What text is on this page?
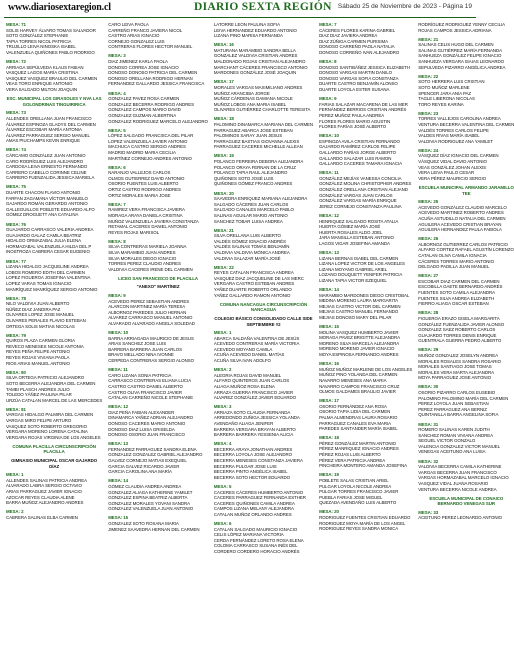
www.diariosextaregion.cl	DIARIO SEXTA REGIÓN Sábado 25 de Noviembre de 2023 - Página 19
MESA: 71
SOLIS HARVEY ÁLVARO TOMAS SALVADOR
SOTO GONZÁLEZ STEPHANIE
TAPIA TORRES NICOL PATRICIA
TRUJILLO LEIVA NINOSKA ISABEL
VALENZUELA QUIÑONES PABLO RODRIGO
MESA: 72
ARRIAGA SEPÚLVEDA KLAUS FABIAN
VASQUEZ LAGOS MARÍA CRISTINA
VASQUEZ VASQUEZ BRAULIO DEL CARMEN
VEAS TORO ENRIQUE ANTONIO
VERA SALGADO MILTON JOAQUIN
ESC. MUNICIPAL LOS GIRASOLES Y NVA LAS GOLONDRINAS TINGUIRIRICA
MESA: 73
ALLENDES ORELLANA JUAN FRANCISCO
ÁLVAREZ ESPINOZA GLADYS DEL CARMEN
ÁLVAREZ ESCOBAR MARÍA ANTONIA
ÁLVAREZ PARRAGUEZ SERGIO MANUEL
AMAS PIUCHAMPS KEVIN ENRIQUE
MESA: 74
CÁRCAMO GONZÁLEZ JUAN ANTONIO
CARO RODRÍGUEZ LUIS ALEJANDRO
CARDOSA LEIVA ERNESTO FERNANDO
CARRERO CABELLO CORINNE CELINE
CARRERO FUENZALIDA JESSICA MARIELA
MESA: 75
DUARTE CHACON FLAVIO ANTONIO
FARFAN ZAGAMANA VÍCTOR MANUELO
GAJARDO ROMÁN GERARDO ANTONIO
GALLEGUILLOS POBLETE EDUARDO ALFO
GÓMEZ DROGUETT ANA CATALINA
MESA: 76
GUAJARDO CARRASCO VALERIA ANDREA
GUAJARDO GALAZ CAMILA BEATRIZ
HIDALGO ORMAZABAL JULIA ELENA
HORMAZABAL VALENZUELA HILDA DEL P
INOSTROZA CABRERA CESAR EUGENIO
MESA: 77
LIZANA HIDALGO JACQUELINE ANDREA
LOBOS ROMERO EDITH DEL CARMEN
LOPEZ FIGUEROA JOSEFINA VALENTINA
LOPEZ VARAS TOMAS IGNACIO
MANRÍQUEZ MANRÍQUEZ SERGIO ANTONIO
MESA: 78
NILO VALDIVIA JUAN ALBERTO
NÚÑEZ DIAZ JANDIRA PAZ
OLIVARES LOPEZ JOSE MANUEL
OLIVARES PERALES FLAVIO ESTEBAN
ORTEGA SOLIS MATIAS NICOLAS
MESA: 79
QUIROS PLAZA CARMEN GLORIA
REVECO MENESES NICOLE ANTONIA
REYES PEÑA FELIPE ANTONIO
REYES ROJAS VIVIANA PAOLA
RIOS ARIAS MANUEL ANTONIO
MESA: 80
SILVA ORTEGA PATRICIO ALEJANDRO
SOTO BECERRA ALEJANDRA DEL CARMEN
TAMBI PLASCH ANDRES JULIO
TOLEDO YÁÑEZ PAULINA PILAR
URZÚA CATALAN MARCEL DE LAS MERCEDES
MESA: 81
VARGAS HIDALGO PALMIRA DEL CARMEN
VARGAS MIRO FELIPE ARTURO
VASQUEZ SOTO ROBERTO GREGORIO
VERGARA MORENO LORENA CATALINA
VERGARA ROJAS VIRGINIA DE LOS ANGELES
COMUNA PLACILLA CIRCUNSCRIPCIÓN PLACILLA
GIMNASIO MUNICIPAL OSCAR GAJARDO DÍAZ
MESA: 1
ALLENDES SALINAS PATRICIA ANDREA
ALVARADO LABRA SERGIO OCTAVIO
ARIAS PARRAGUEZ JAVIER IGNACIO
AZOCAR REYES CLAUDIA ALENE
BARRA MUÑOZ ALEJANDRO ANDRES
MESA: 2
CABRERA SALINAS ELBA CARMEN
CARO LEIVA PAOLA
CARREÑO FRANCO JAVIERA NICOL
CASTRO ARIAS IGNACIO
CORNEJO GONZALEZ LUIS
CONTRERAS FLORES HECTOR MANUEL
MESA: 3
DIAZ JIMENEZ KARLA PAOLA
DONOSO CORREA JOSE IGNACIO
DONOSO DONOSO PATRICIA DEL CARMEN
DONOSO ORELLANA RODRIGO HERNAN
FERNANDEZ GALLARDO JESSICA FRANCISCA
MESA: 4
GONZALEZ PAVEZ ROSA CARMEN
GONZALEZ BECERRA RODRIGO ANDRES
GONZALEZ CAMPOS MARIO DAVID
GONZALEZ GUZMAN ALBERTINA
GONZALEZ RODRIGUEZ MARCELO ALEJANDRO
MESA: 5
LÓPEZ SALGADO FRANCISCA DEL PILAR
LOPEZ VALENZUELA JAVIER ANTONIO
MACHUCA CASTRO SERGIO ANDRES
MADRID MADRID MARIA CECILIA
MARTÍNEZ CORNEJO ANDRES ANTONIO
MESA: 6
NARANJO VALLEJOS CARLOS
OLMOS GUTIERREZ DAVID ANTONIO
OSORIO FUENTES LUIS ALBERTO
ORTIZ CASTRO RODRIGO ANDRES
ORTIZ MORALES MARIA JOSE
MESA: 7
RAMIREZ VERA FRANCISCA JAVIERA
MORAGA ARAYA DANIELA CRISTINA
MUÑOZ VALENZUELA JAVIERA CONSTANZA
RETAMAL CACERES DANIEL ANTONIO
REYES ROJAS MARISOL
MESA: 8
SILVA CONTRERAS MARIELA JOANNA
SILVA MARAMBIO JUAN ANDRES
SILVA MORALES DIEGO IGNACIO
TORRES PEREZ CLAUDIO ANDRES
VALDIVIA CACERES IRENE DEL CARMEN
LICEO SAN FRANCISCO DE PLACILLA
"ANEXO" MARTÍNEZ
MESA: 9
ACEVEDO PEREZ SEBASTIAN ANDRES
ALARCON MARTINEZ MARÍA TERESA
ALBORNOZ PAREDES JULIO HERNAN
ALVAREZ CARRASCO MANUEL ANTONIO
ALVARADO ALVARADO ANGELA SOLEDAD
MESA: 10
BARRA ARRIAGADA MAURICIO DE JESUS
ARIAS SANCHEZ JOSE LUIS
BARRERA BARRERA JUAN CARLOS
BRAVO MELLADO NINA IVONNE
CERPEDA CONTRERAS SERGIO ALONSO
MESA: 11
CARO LIZANA SONIA PATRICIA
CARRASCO CONTRERAS ELIANA LUCIA
CASTRO CASTRO DANIEL ALBERTO
CASTRO OLIVA FRANCISCO JAVIER
CATALAN CARREÑO NICOLE STEPHANIE
MESA: 12
DIAZ PEÑA FABIAN ALEXANDER
DINAMARCA YAÑEZ ADRIAN ALEJANDRO
DONOSO CACERES MARIO ANTONIO
DONOSO DIAZ LUISA GRISELDA
DONOSO OSORIO JUAN FRANCISCO
MESA: 13
FERNANDEZ PARRAGUEZ SANDRA ELENA
GONZALEZ GONZALEZ GABRIEL ALEJANDRO
GALVEZ CORNEJO MATIAS EXEQUIEL
GARCIA GALVEZ RICARDO JAVIER
GARCIA CAROLINA ANA MARÍA
MESA: 14
GÓMEZ CLAUDIA ANDREA ANDREA
GONZALEZ ALIAGA KATHERINE YAMILET
GONZALEZ ESPINA BEATRIZ ALBERTA
GONZALEZ MORALES YOVANI SANDRA
GONZALEZ VALENZUELA JUAN ANTONIO
MESA: 15
GONZALEZ SOTO ROXANA MARIA
JIMENEZ SAAVEDRA HERNAN DEL CARMEN
LATORRE LEON PAULINA SOFIA
LEIVA HERNANDEZ EDUARDO ANTONIO
LIZANA PINO MARISA FERNANDA
MESA: 16
MATURANA MARAMBIO SANDRA BELLA
GONZALEZ VALDIVIA CRISTIAN ANDRES
MALDONADO ROJAS CRISTIAN ALEJANDRO
MARCHANT CÁCERES FRANCISCO ANTONIO
MARDONES GONZÁLEZ JOSÉ JOAQUIN
MESA: 17
MORALES VARGAS MAXIMILIANO ANDRES
MUÑOZ ARANCIBIA JORGE
MUÑOZ CÁRDENAS DAMIANA NICOLE
MUÑOZ LOBOS ANA MARIA ISABEL
OLIVARES GUTIÉRREZ CHARLOTTE TERESITA
MESA: 18
PALOMINO DINAMARCA MARIANA DEL CARMEN
PARRAGUEZ ABARCA JOSE ESTEBAN
PALOMINOS SARAY JUAN JESUS
PARRAGUEZ BASTIAS GIOVANNA ALEXIS
PARRAGUEZ CACERES MICHELLE ALLEAN
MESA: 19
POLANCO FERREIRA DEBORA ALEJANDRA
POLANCO ORAYA FERNAN DE LA CRUZ
POLANCO TAPIA RAUL ALEJANDRO
QUIÑONES SOTO JOSÉ LUIS
QUIÑONES GÓMEZ FRANCO ANDRES
MESA: 20
SAAVEDRA ENRIQUEZ MARIANA ALEJANDRA
SALGADO CÁCERES JUAN CARLOS
SALGADO CANALES MARCELO PABLO
SALINAS AGUILAR MARIO ANTONIO
SANCHEZ TOBAR LUISA ANDREA
MESA: 21
SILVA ORELLANA LUIS ALBERTO
VALDÉS GÓMEZ IGNACIO ANDRÉS
VALDÉS SALINAS TOMÁS BENJAMÍN
VALDIVIA VALDIVIA MÓNICA ANDREA
VALDIVIA SALAZAR MARÍA JOSÉ
MESA: 22
REYES CATALAN FRANCISCA ANDREA
VASQUEZ DIAZ JACQUELINE DE LAS MERC
VERGARA CASTRO ESTEBAN ANDRES
YAÑEZ DUARTE ROBERTO ORLANDO
YAÑEZ GALLARDO RAMON ANTONIO
COMUNA NANCAGUA CIRCUNSCRIPCIÓN NANCAGUA
COLEGIO BÁSICO CONSOLIDADO CALLE SIDE SEPTIEMBRE #2
MESA: 1
ABARCA SALDAÑA VALENTINA DE JESÚS
ACEVEDO CONTRERAS MARÍA VICTORIA
ACEVEDO MOYANO CAMILA
ACUÑA ACEVEDO DANIEL MATÍAS
ACUÑA SILVA IVAN ADOLFO
MESA: 2
ALEGRIA ROJAS DAVID MANUEL
ALFARO QUINTEROS JUAN CARLOS
ALIAGA MUÑOZ ROSA ELENA
ARRAZA GUERRA FRANCISCO JAVIER
ALVAREZ GONZÁLEZ JAVIER EDUARDO
MESA: 3
ARRIAZA SOTO CLAUDIA FERNANDA
ARREDONDO ZUÑIGA JESSICA YOLANDA
AVENDAÑO ALIAGA JENIFER
BARRERA VERGARA BRAYAN ALBERTO
BARRERA BARRERA YESSENIA ALICIA
MESA: 4
BECERRA ARAYA JONATHAN ANDRES
BECERRA LOYOLA JOSE ALEJANDRO
BECERRA MENESES CONSTANZA JAVIERA
BECERRA PULGAR JOSE LUIS
BECERRA PINTO ANGÉLICA ISABEL
BECERRA SOTO HECTOR EDUARDO
MESA: 5
CACERES CÁCERES HUMBERTO ANTONIO
CACERES PARRAGUEZ FERNANDA ESTHER
CACERES QUIÑONES CAMILA ANDREA
CAMPOS LIZANA MELANY ALEJANDRA
CATALAN MUÑOZ ORLANDO ANDRES
MESA: 6
CATALAN SALGADO MAURICIO IGNACIO
CELIS LÓPEZ MARIANA VICTORIA
CERDA FERNÁNDEZ LORETO ROSA ELENA
COLOMA CARRASCO SUSANA INÉS DEL
CORDERO CORDERO HORACIO ANDRÉS
MESA: 7
CÁCERES FLORES KARINA GABRIEL
DIAZ DIAZ JAVIERA ANDREA
DIAZ ZÚÑIGA CARMEN PURISIMA
DONOSO CARREÑO PAOLA NATALIA
DONOSO CORREÑO IVAN ALEJANDRO
MESA: 8
DONOSO SANTIBÁÑEZ JESSICA ELIZABETH
DONOSO VARGAS MARTIN DANILO
DONOSO VARGAS SOFIA CONSTANZA
DUARTE CASTRO BENJAMÍN ALONSO
DUARTE LOYOLA ESTER SUSANA
MESA: 9
FARIAS SALAZAR MACARENA DE LAS MER
FERNÁNDEZ BERRIOS CRISTIAN ANDRÉS
PEREZ MUÑOZ PAULA ANDREA
FLORES FLORES MARIO AGUSTIN
FLORES FARÍAS JOSÉ ALBERTO
MESA: 10
ESPINOZA AVILA CRISTIAN FERNANDO
GAJARDO RAMÍREZ CARLOS FELIPE
GALLARDO FARÍAS JORGE ALBERTO
GALLARDO SALAZAR LUIS RAMON
GALLARDO CACERES TAMARA IGNACIA
MESA: 11
GONZÁLEZ MEJÍAS VANESSA CONCILIA
GONZÁLEZ MOLINA CHRISTOPHER ANDRES
GONZÁLEZ ORELLANA CRISTIAN ALEJAND
GONZÁLEZ VARGAS JUAN CARLOS
GONZÁLEZ VARGAS MARÍA ENRIQUE
JEREZ CORNEJO CONSTANZA PAULINA
MESA: 12
HENRIQUEZ SALGADO ROSITA ATALIA
HUERTA GÓMEZ MARÍA JOSÉ
HUERTA ROSALES ALDO JOEL
JARA MANSILLA ESTEBAN ANTONIO
LAGOS VIGAR JOSEFINA AMANDA
MESA: 13
LIZANA BERNAS ISABEL DEL CARMEN
LIZANA LOPEZ VICTOR DE LOS ANGELES
LIZANA MOYANO GABRIEL ARIEL
LOZANO DOUQUETT YENIFER PATRICIA
LIZANA TAPIA VICTOR EZEQUIEL
MESA: 14
MARAMBIO MARDONES DIEGO CRISTOBAL
MEDINA MORENO LAURA MARGARITA
MEJIAS CASTRO VICTOR DEL CARMEN
MEJIAS CASTRO MANUEL FERNANDO
MEJIAS DONOSO MARY DEL PILAR
MESA: 15
MOLINA VASQUEZ HUMBERTO JAVIER
MORAGA PAVEZ BRIGITTE ALEJANDRA
MORENO SILVA MARCELA ALEJANDRA
MORENO MORENO JAVIER IGNACIO
MOYA ESPINOSA FERNANDO ANDRES
MESA: 16
MUÑOZ MUÑOZ MARLENE DE LOS ANGELES
MUÑOZ PINO YOLANDA DEL CARMEN
NAVARRO MENESES ANA MARIA
NAVARRO CAMPOS FRANCISCO CRUZ
OLMOS GALDAMES BRAULIO JAVIER
MESA: 17
OSORIO FERNÁNDEZ ANA ROSA
OSORIO TAPIA LIDIA DEL CARMEN
PALMA ALMENDRAS LAURA ROSARIO
PARRAGUEZ CANALES EVA MARIA
PAREDES SANTANDER MARÍA ISABEL
MESA: 18
PÉREZ GONZÁLEZ MARTIN ANTONIO
PÉREZ MANRIQUEZ IGNACIO ANDRES
PÉREZ ROJAS LUIS ALBERTO
PÉREZ VERA PATRICIA ANDREA
PINCHEIRA MONTERO AMANDA JOSEFINA
MESA: 19
POBLETE SALAS CRISTIAN ARIEL
PULGAR LOYOLA NICOLE ANDREA
PULGAR TORRES FRANCISCO JAVIER
PUEBLA FARIAS JOSE MIGUEL
QUEZADA AVENDAÑO LUIS ALBERTO
MESA: 20
RODRIGUEZ FUENTES CRISTIAN EDUARDO
RODRIGUEZ MOYA MARÍA DE LOS ANGEL
RODRIGUEZ REYES SANDRA MONICA
RODRÍGUEZ RODRIGUEZ YENNY CECILIA
ROJAS CAMPOS JESSICA ADRIANA
MESA: 21
SALINAS CELIS HUGO DEL CARMEN
SALINAS GUTIÉRREZ MARÍA FERNANDA
SANHUEZA GONZÁLEZ FELIPE IGNACIO
SANHUEZA VERGARA ISAIAS LEONARDO
SEPULVEDA PIZARRO ANGÉLICA ANDREA
MESA: 22
SOTO HERRERA LUIS CRISTIAN
SOTO MUÑOZ MARLENE
SPENCER JARA ANIA PAZ
TAGLE LIBERONA NICOLAS
TORO REYES KARINA
MESA: 23
TORRES VALLEJOS CAROLINA ANDREA
VENTURA BECERRA VALENTINA DEL CARMEN
VALDÉS TORRES CARLOS FELIPE
VALDES RIVAS MARÍA ISABEL
VALDIVIA RODRIGUEZ ANA YAMILET
MESA: 24
VÁSQUEZ DÍAZ IGNACIO DEL CARMEN
VÁSQUEZ VIDAL DAVID ANTONIO
VEAS GONZÁLEZ JOHAN ALEXIS
VERA LEIVA PAULO CESAR
VERA PÉREZ MAURICIO SERGIO
ESCUELA MUNICIPAL ARMANDO JARAMILLO TEE
MESA: 25
ACEVEDO GONZÁLEZ CLAUDIO MARCELO
ACEVEDO MARTINEZ ROBERTO ANDRES
ACUÑA ASTUDILLO NATALIA DEL CARMEN
AGUILERA ACEVEDO CRISTIAN BRAYAN
AGUILERA HERNANDEZ PAULA FABIOLA
MESA: 26
ALBORNOZ GUTIERREZ CARLOS PATRICIO
ALFARO CORTEZ RAFAEL AGUSTÍN LORENZO
CATALAN OLIVA CAMILA IGNACIA
CÁCERES TORRES MARIO ANTONIO
DELGADO PADILLA JUAN MANUEL
MESA: 27
ESCOBAR DIAZ CARMEN DEL CARMEN
ESCOBILLA GAETE BERNARDO ANDRÉS
FUENTES SOTO CAMILA ALEJANDRA
FUENTES SILVA ANDREA ELIZABETH
FIERRO ALIAGA OSCAR ESTEBAN
MESA: 28
FIGUEROA ERAZO GISELA MARGARITA
GONZÁLEZ FUENZALIDA JAVIER ALONSO
GONZALEZ SAEZ ROBERTO CARLOS
GUAJARDO TORRES DENIS ENRIQUE
GUENTRALA GUERRA PEDRO ALBERTO
MESA: 29
MUÑOZ GONZALEZ JOSELYN ANDREA
MORALES ROSALES SANDRA ROSARIO
MORALES SANTIAGO JOSE TOMAS
MORALES VERA MARTA ALEJANDRA
MOYA PARRAGUEZ JOSE ANTONIO
MESA: 30
OSORIO PIZARRO CARLOS EUSEBIO
PALOMINO PALOMINO MARÍA DEL CARMEN
PEREZ LOYOLA JUAN SEBASTIAN
PEREZ PARRAGUEZ ANA BERNIZ
QUINTANILLA BARRA ANGELINA SOFIA
MESA: 31
ROMERO SALINAS KAREN JUDITH
SANCHEZ ROMAN VIVIANA ANDREA
SEGUEL VICTOR GONZALO
VALENCIA GONZALEZ VICTOR MANUEL
VENEGAS ACEITUNO ANA LUISA
MESA: 32
VALDIVIA BECERRA CAMILA KATHERINE
VARGAS BECERRA JUAN FRANCISCO
VARGAS HORMAZABAL MARCELO IGNACIO
VASQUEZ VIDAL JUANA ROSARIO
VENTURA BECERRA NICOLE ANDREA
ESCUELA MUNICIPAL DE CONAICO BERNARDO VENEGAS SUR
MESA: 33
ACEITUNO PEREZ LEONARDO ANTONIO
